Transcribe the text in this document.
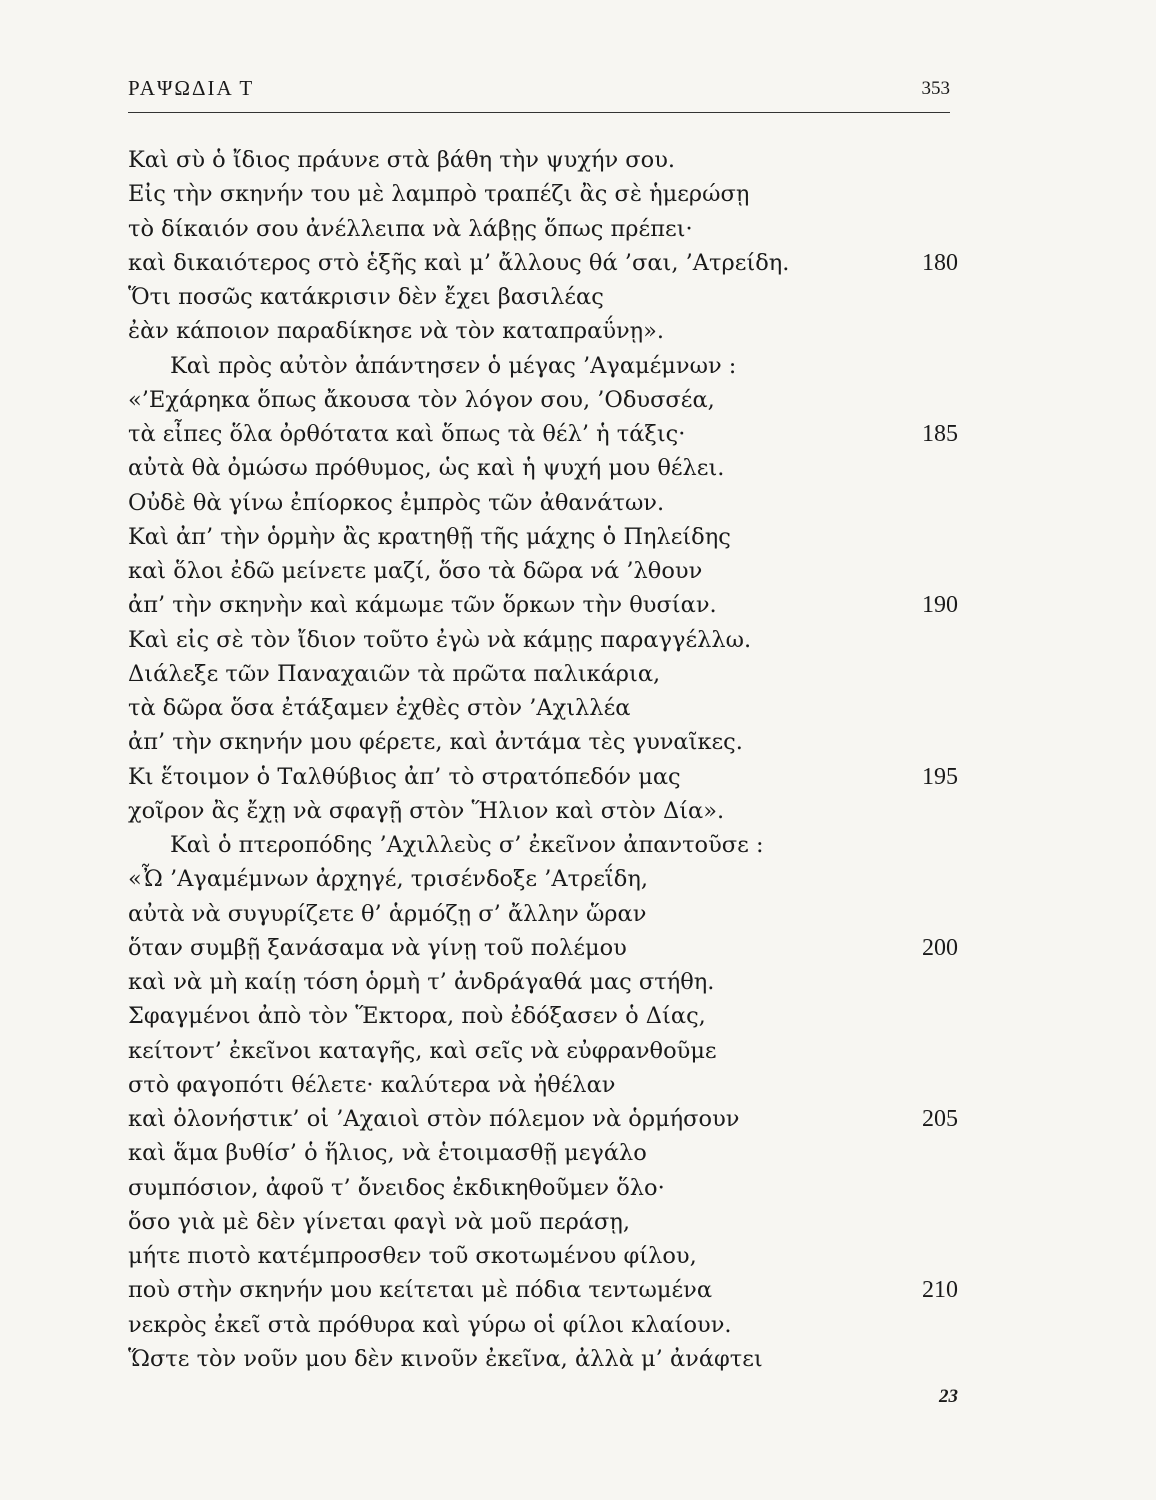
ΡΑΨΩΔΙΑ Τ	353
Καὶ σὺ ὁ ἴδιος πράυνε στὰ βάθη τὴν ψυχήν σου.
Εἰς τὴν σκηνήν του μὲ λαμπρὸ τραπέζι ἂς σὲ ἡμερώσῃ
τὸ δίκαιόν σου ἀνέλλειπα νὰ λάβῃς ὅπως πρέπει·
καὶ δικαιότερος στὸ ἑξῆς καὶ μ’ ἄλλους θά ’σαι, ’Ατρείδη.	180
Ὅτι ποσῶς κατάκρισιν δὲν ἔχει βασιλέας
ἐὰν κάποιον παραδίκησε νὰ τὸν καταπραΰνῃ».
Καὶ πρὸς αὐτὸν ἀπάντησεν ὁ μέγας ’Αγαμέμνων :
«’Εχάρηκα ὅπως ἄκουσα τὸν λόγον σου, ’Οδυσσέα,
τὰ εἶπες ὅλα ὀρθότατα καὶ ὅπως τὰ θέλ’ ἡ τάξις·	185
αὐτὰ θὰ ὀμώσω πρόθυμος, ὡς καὶ ἡ ψυχή μου θέλει.
Οὐδὲ θὰ γίνω ἐπίορκος ἐμπρὸς τῶν ἀθανάτων.
Καὶ ἀπ’ τὴν ὁρμὴν ἂς κρατηθῇ τῆς μάχης ὁ Πηλείδης
καὶ ὅλοι ἐδῶ μείνετε μαζί, ὅσο τὰ δῶρα νά ’λθουν
ἀπ’ τὴν σκηνὴν καὶ κάμωμε τῶν ὅρκων τὴν θυσίαν.	190
Καὶ εἰς σὲ τὸν ἴδιον τοῦτο ἐγὼ νὰ κάμῃς παραγγέλλω.
Διάλεξε τῶν Παναχαιῶν τὰ πρῶτα παλικάρια,
τὰ δῶρα ὅσα ἐτάξαμεν ἐχθὲς στὸν ’Αχιλλέα
ἀπ’ τὴν σκηνήν μου φέρετε, καὶ ἀντάμα τὲς γυναῖκες.
Κι ἕτοιμον ὁ Ταλθύβιος ἀπ’ τὸ στρατόπεδόν μας	195
χοῖρον ἂς ἔχῃ νὰ σφαγῇ στὸν Ἥλιον καὶ στὸν Δία».
Καὶ ὁ πτεροπόδης ’Αχιλλεὺς σ’ ἐκεῖνον ἀπαντοῦσε :
«Ὦ ’Αγαμέμνων ἀρχηγέ, τρισένδοξε ’Ατρεΐδη,
αὐτὰ νὰ συγυρίζετε θ’ ἁρμόζῃ σ’ ἄλλην ὥραν
ὅταν συμβῇ ξανάσαμα νὰ γίνῃ τοῦ πολέμου	200
καὶ νὰ μὴ καίῃ τόση ὁρμὴ τ’ ἀνδράγαθά μας στήθη.
Σφαγμένοι ἀπὸ τὸν Ἕκτορα, ποὺ ἐδόξασεν ὁ Δίας,
κείτοντ’ ἐκεῖνοι καταγῆς, καὶ σεῖς νὰ εὐφρανθοῦμε
στὸ φαγοπότι θέλετε· καλύτερα νὰ ἠθέλαν
καὶ ὀλονήστικ’ οἱ ’Αχαιοὶ στὸν πόλεμον νὰ ὁρμήσουν	205
καὶ ἅμα βυθίσ’ ὁ ἥλιος, νὰ ἑτοιμασθῇ μεγάλο
συμπόσιον, ἀφοῦ τ’ ὄνειδος ἐκδικηθοῦμεν ὅλο·
ὅσο γιὰ μὲ δὲν γίνεται φαγὶ νὰ μοῦ περάσῃ,
μήτε πιοτὸ κατέμπροσθεν τοῦ σκοτωμένου φίλου,
ποὺ στὴν σκηνήν μου κείτεται μὲ πόδια τεντωμένα	210
νεκρὸς ἐκεῖ στὰ πρόθυρα καὶ γύρω οἱ φίλοι κλαίουν.
Ὥστε τὸν νοῦν μου δὲν κινοῦν ἐκεῖνα, ἀλλὰ μ’ ἀνάφτει
23
